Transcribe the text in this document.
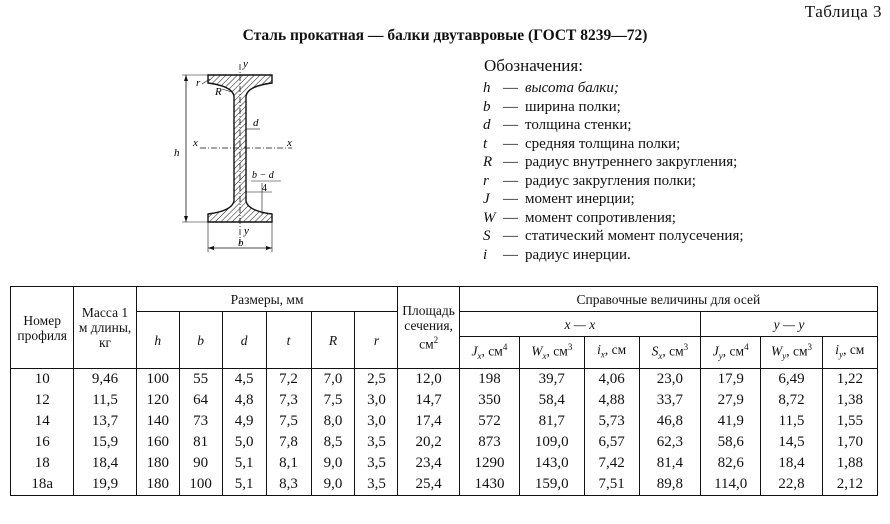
Таблица 3
Сталь прокатная — балки двутавровые (ГОСТ 8239—72)
y
y
x	x
h
b
d
r
R
b − d
4
Обозначения:
h — высота балки;
b — ширина полки;
d — толщина стенки;
t — средняя толщина полки;
R — радиус внутреннего закругления;
r — радиус закругления полки;
J — момент инерции;
W — момент сопротивления;
S — статический момент полусечения;
i — радиус инерции.
Номер профиля	Масса 1 м длины, кг	Размеры, мм						Площадь сечения, $см^2$	Справочные величины для осей						
		h	b	d	t	R	r		x — x				y — y		
									$J_x$, $см^4$	$W_x$, $см^3$	$i_x$, см	$S_x$, $см^3$	$J_y$, $см^4$	$W_y$, $см^3$	$i_y$, см
10	9,46	100	55	4,5	7,2	7,0	2,5	12,0	198	39,7	4,06	23,0	17,9	6,49	1,22
12	11,5	120	64	4,8	7,3	7,5	3,0	14,7	350	58,4	4,88	33,7	27,9	8,72	1,38
14	13,7	140	73	4,9	7,5	8,0	3,0	17,4	572	81,7	5,73	46,8	41,9	11,5	1,55
16	15,9	160	81	5,0	7,8	8,5	3,5	20,2	873	109,0	6,57	62,3	58,6	14,5	1,70
18	18,4	180	90	5,1	8,1	9,0	3,5	23,4	1290	143,0	7,42	81,4	82,6	18,4	1,88
18а	19,9	180	100	5,1	8,3	9,0	3,5	25,4	1430	159,0	7,51	89,8	114,0	22,8	2,12
